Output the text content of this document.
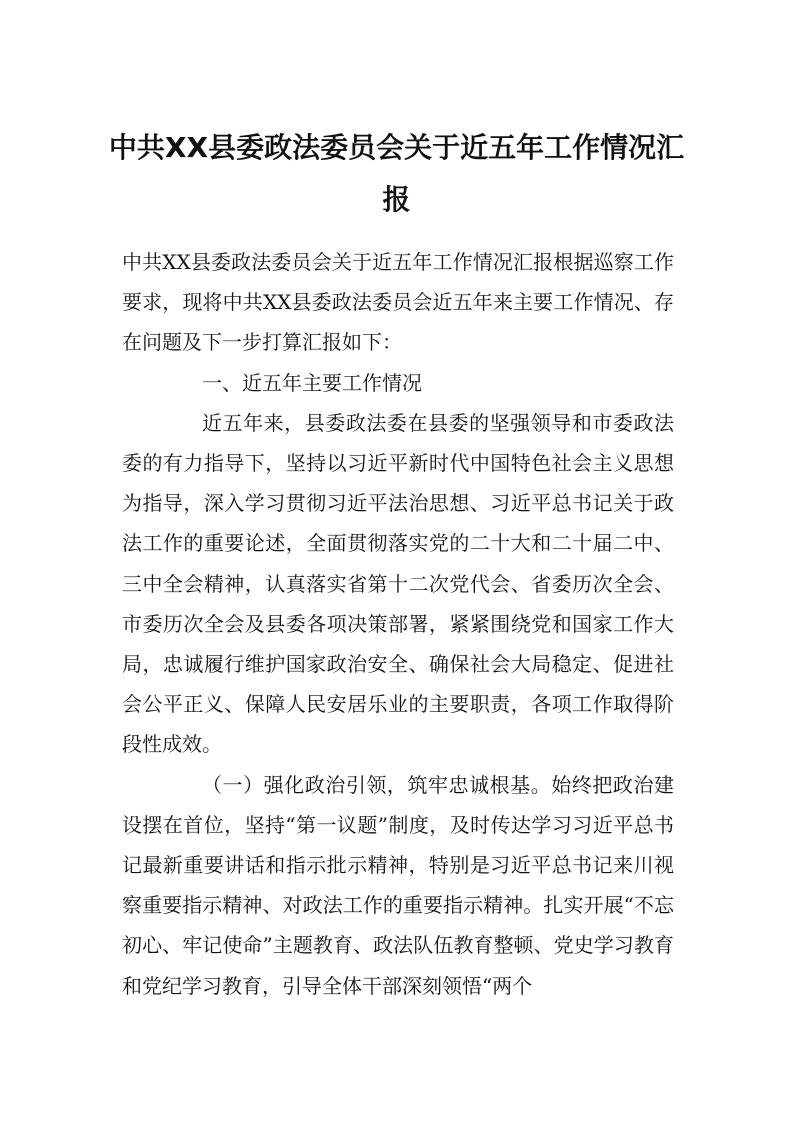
中共XX县委政法委员会关于近五年工作情况汇报

中共XX县委政法委员会关于近五年工作情况汇报根据巡察工作要求，现将中共XX县委政法委员会近五年来主要工作情况、存在问题及下一步打算汇报如下：

一、近五年主要工作情况

近五年来，县委政法委在县委的坚强领导和市委政法委的有力指导下，坚持以习近平新时代中国特色社会主义思想为指导，深入学习贯彻习近平法治思想、习近平总书记关于政法工作的重要论述，全面贯彻落实党的二十大和二十届二中、三中全会精神，认真落实省第十二次党代会、省委历次全会、市委历次全会及县委各项决策部署，紧紧围绕党和国家工作大局，忠诚履行维护国家政治安全、确保社会大局稳定、促进社会公平正义、保障人民安居乐业的主要职责，各项工作取得阶段性成效。

（一）强化政治引领，筑牢忠诚根基。始终把政治建设摆在首位，坚持“第一议题”制度，及时传达学习习近平总书记最新重要讲话和指示批示精神，特别是习近平总书记来川视察重要指示精神、对政法工作的重要指示精神。扎实开展“不忘初心、牢记使命”主题教育、政法队伍教育整顿、党史学习教育和党纪学习教育，引导全体干部深刻领悟“两个
